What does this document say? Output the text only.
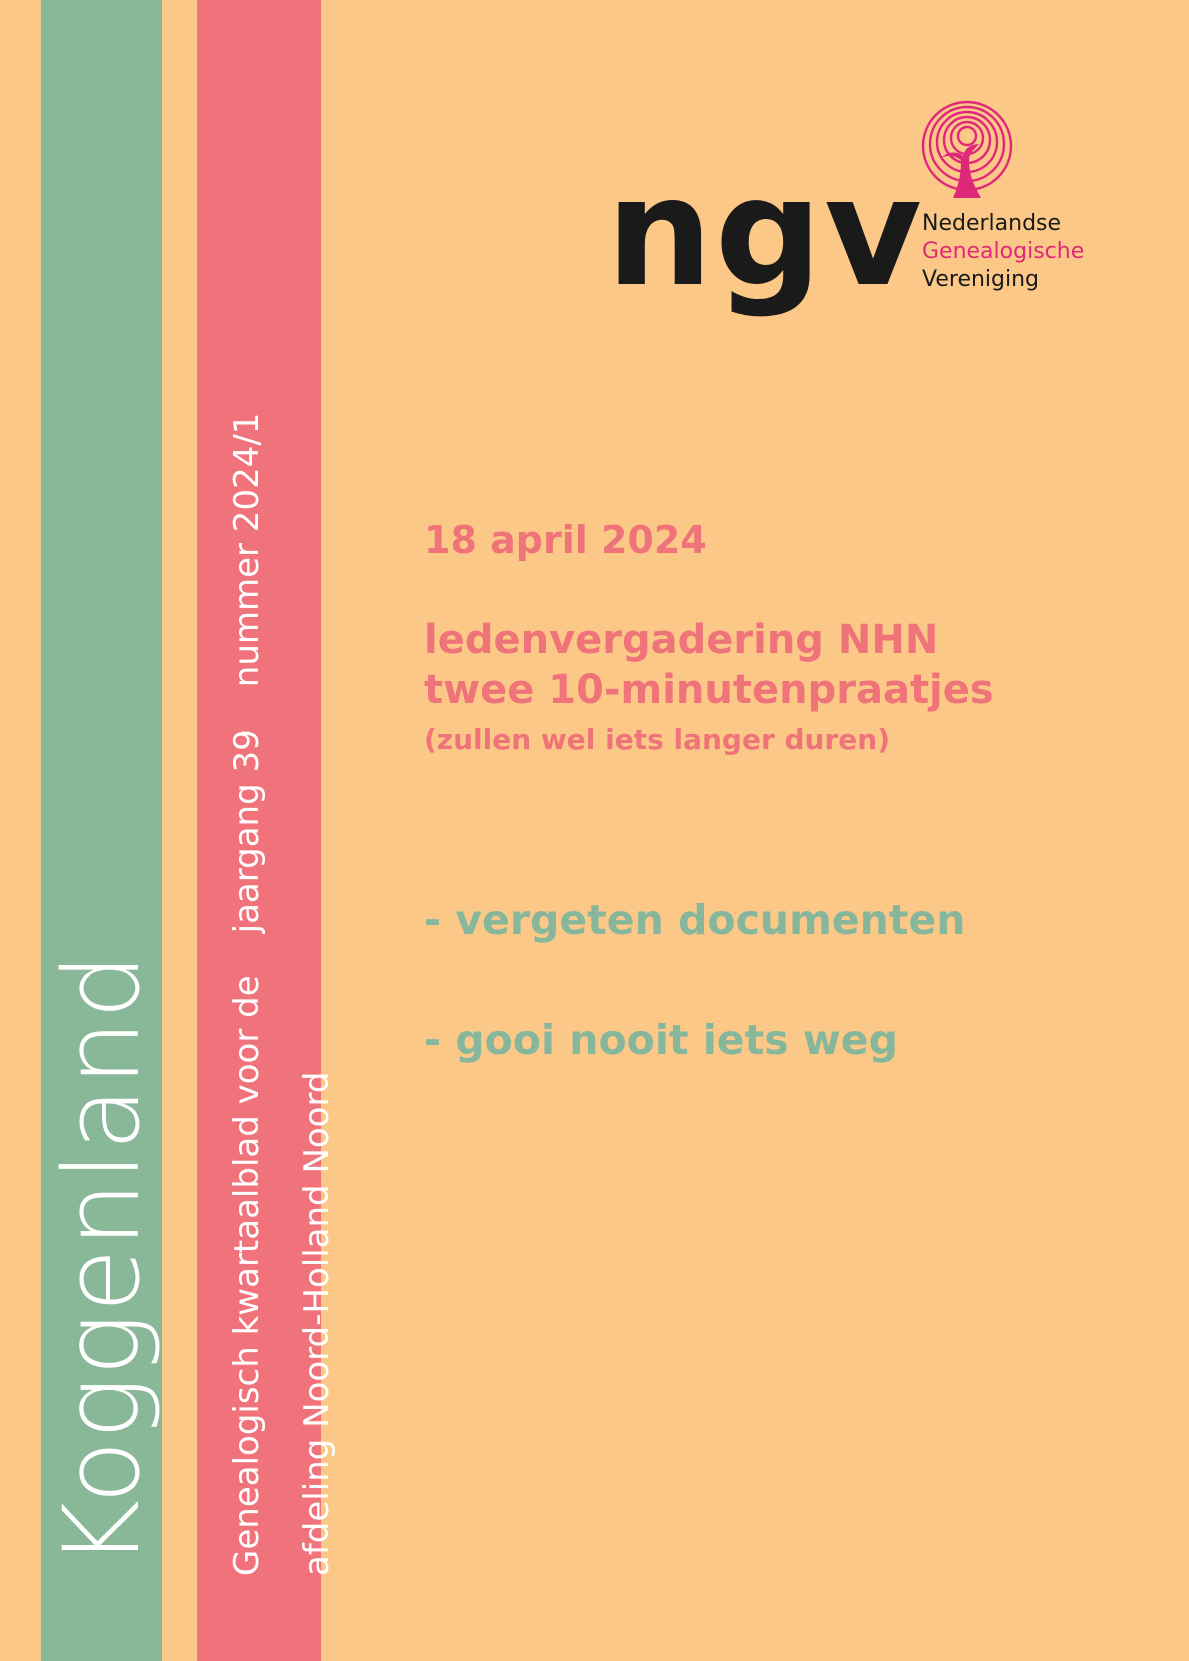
Koggenland	Genealogisch kwartaalblad voor dejaargang 39nummer 2024/1
afdeling Noord-Holland Noord
ngv
Nederlandse
Genealogische
Vereniging
18 april 2024
ledenvergadering NHN
twee 10-minutenpraatjes
(zullen wel iets langer duren)
- vergeten documenten
- gooi nooit iets weg
